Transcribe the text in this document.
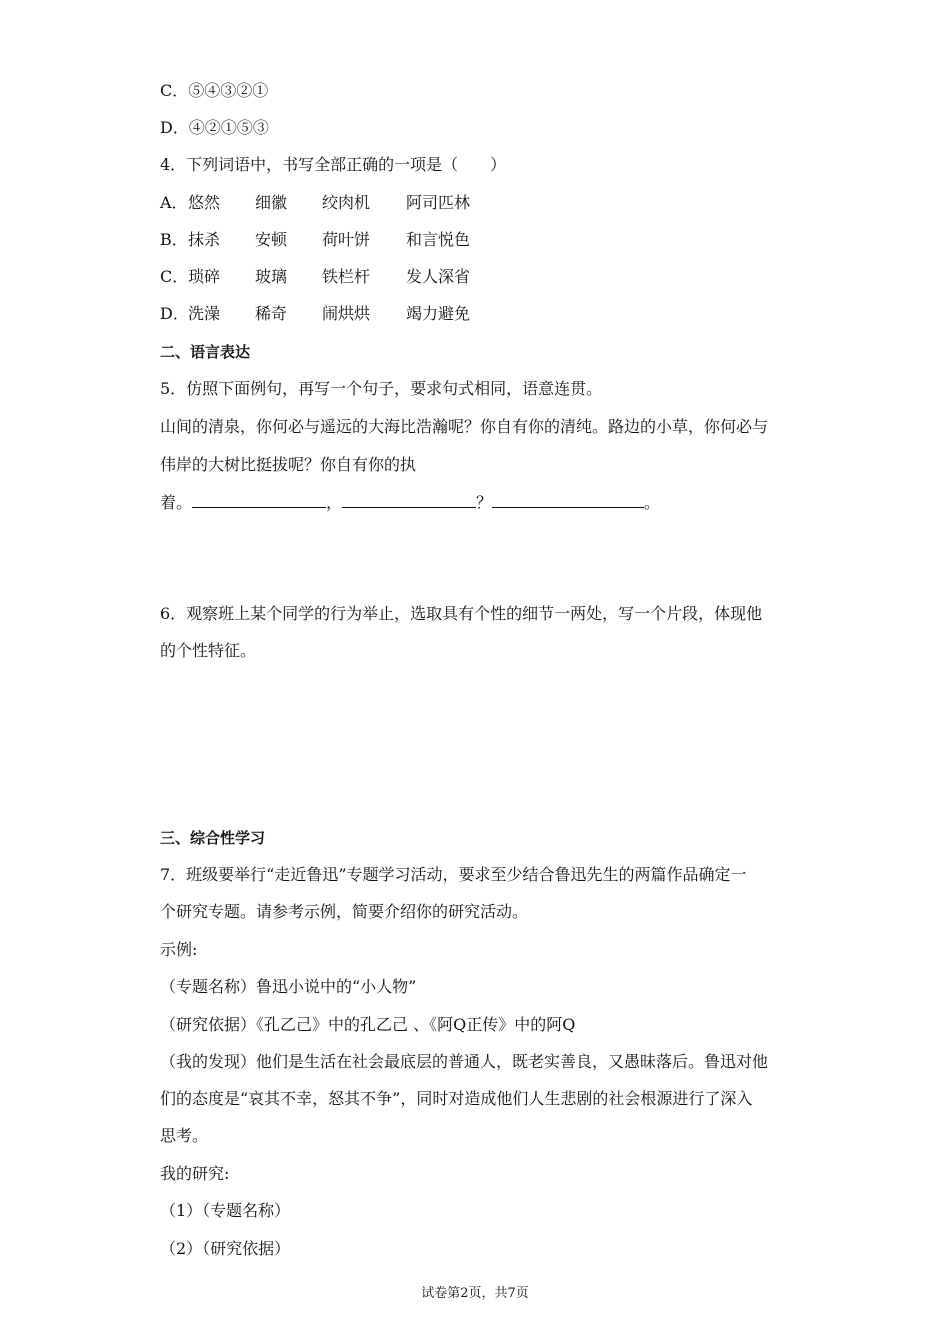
C．⑤④③②①
D．④②①⑤③
4．下列词语中，书写全部正确的一项是（　　）
A． 悠然 细徽 绞肉机 阿司匹林
B． 抹杀 安顿 荷叶饼 和言悦色
C． 琐碎 玻璃 铁栏杆 发人深省
D． 洗澡 稀奇 闹烘烘 竭力避免
二、语言表达
5．仿照下面例句，再写一个句子，要求句式相同，语意连贯。
山间的清泉，你何必与遥远的大海比浩瀚呢？你自有你的清纯。路边的小草，你何必与
伟岸的大树比挺拔呢？你自有你的执
着。	，	？	。
6．观察班上某个同学的行为举止，选取具有个性的细节一两处，写一个片段，体现他
的个性特征。
三、综合性学习
7．班级要举行“走近鲁迅”专题学习活动，要求至少结合鲁迅先生的两篇作品确定一
个研究专题。请参考示例，简要介绍你的研究活动。
示例:
（专题名称）鲁迅小说中的“小人物”
（研究依据）《孔乙己》中的孔乙己 、《阿Q正传》中的阿Q
（我的发现）他们是生活在社会最底层的普通人，既老实善良，又愚昧落后。鲁迅对他
们的态度是“哀其不幸，怒其不争”，同时对造成他们人生悲剧的社会根源进行了深入
思考。
我的研究:
（1）（专题名称）
（2）（研究依据）
试卷第2页，共7页
